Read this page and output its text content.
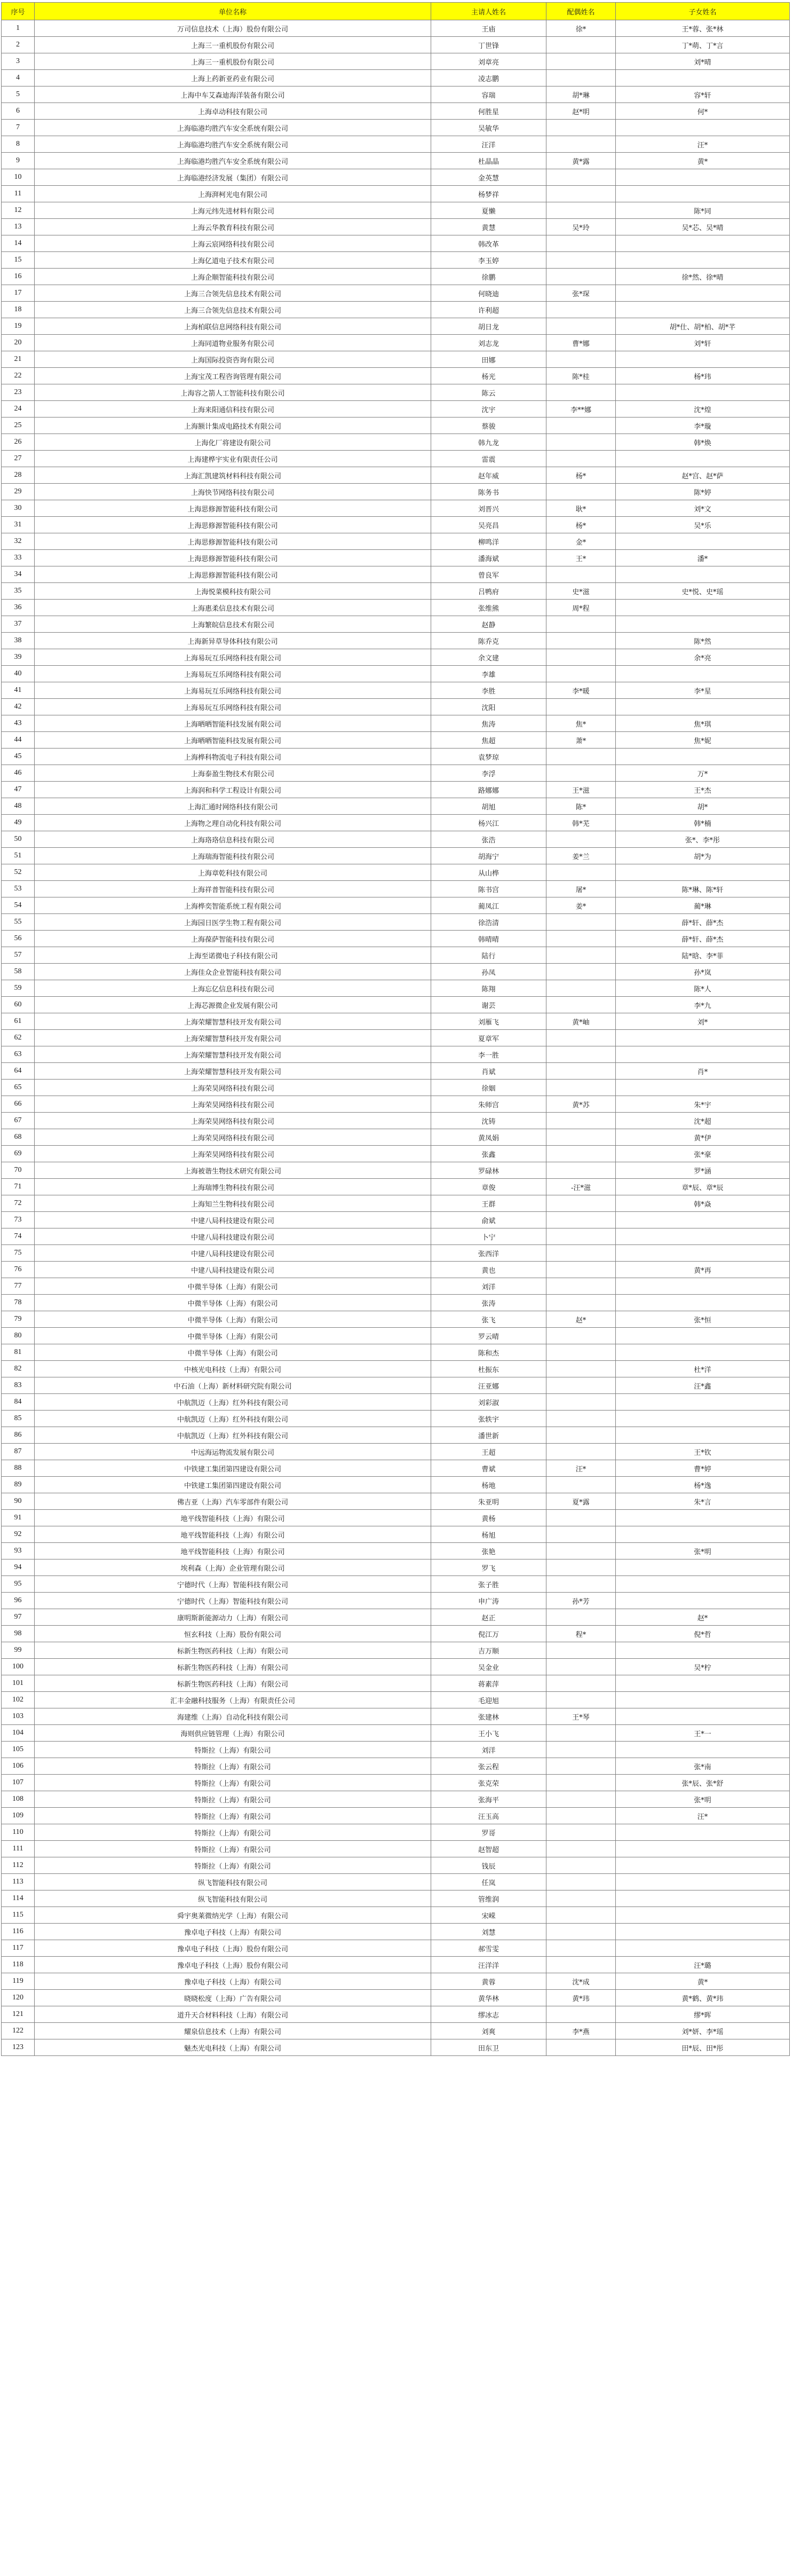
序号	单位名称	主请人姓名	配偶姓名	子女姓名
1	万司信息技术（上海）股份有限公司	王庙	徐*	王*蓉、张*林
2	上海三一重机股份有限公司	丁世锋		丁*萌、丁*言
3	上海三一重机股份有限公司	刘章亮		刘*晴
4	上海上药新亚药业有限公司	凌志鹏		
5	上海中车艾森迪海洋装备有限公司	容瑞	胡*琳	容*轩
6	上海卓动科技有限公司	何胜星	赵*明	何*
7	上海临港均胜汽车安全系统有限公司	吴敏华		
8	上海临港均胜汽车安全系统有限公司	汪洋		汪*
9	上海临港均胜汽车安全系统有限公司	杜晶晶	黄*露	黄*
10	上海临港经济发展（集团）有限公司	金英慧		
11	上海湃柯光电有限公司	杨梦祥		
12	上海元纬先进材料有限公司	夏懒		陈*同
13	上海云华教育科技有限公司	黄慧	吴*玲	吴*芯、吴*晴
14	上海云宸网络科技有限公司	韩改革		
15	上海亿道电子技术有限公司	李玉婷		
16	上海企顺智能科技有限公司	徐鹏		徐*然、徐*晴
17	上海三合领先信息技术有限公司	何晓迪	张*琛	
18	上海三合领先信息技术有限公司	许利超		
19	上海柏联信息网络科技有限公司	胡日龙		胡*仕、胡*柏、胡*芊
20	上海同道物业服务有限公司	刘志龙	曹*娜	刘*轩
21	上海国际投资咨询有限公司	田娜		
22	上海宝茂工程咨询管理有限公司	杨光	陈*桂	杨*玮
23	上海容之箭人工智能科技有限公司	陈云		
24	上海来阳通信科技有限公司	沈宇	李**娜	沈*煌
25	上海额计集成电路技术有限公司	蔡骏		李*璇
26	上海化厂将建设有限公司	韩九龙		韩*焕
27	上海建桦宇实业有限责任公司	雷震		
28	上海汇凯建筑材料科技有限公司	赵年威	杨*	赵*宫、赵*萨
29	上海快节网络科技有限公司	陈务书		陈*婷
30	上海思修源智能科技有限公司	刘晋兴	耿*	刘*文
31	上海思修源智能科技有限公司	吴亮昌	杨*	吴*乐
32	上海思修源智能科技有限公司	柳鸣洋	金*	
33	上海思修源智能科技有限公司	潘海斌	王*	潘*
34	上海思修源智能科技有限公司	曾良军		
35	上海悦菜模科技有限公司	吕鸭府	史*滋	史*悦、史*瑶
36	上海惠柔信息技术有限公司	张维熊	周*程	
37	上海繁皖信息技术有限公司	赵静		
38	上海新异草导体科技有限公司	陈乔克		陈*然
39	上海易玩互乐网络科技有限公司	余文建		余*亮
40	上海易玩互乐网络科技有限公司	李雄		
41	上海易玩互乐网络科技有限公司	李胜	李*暖	李*星
42	上海易玩互乐网络科技有限公司	沈阳		
43	上海晒晒智能科技发展有限公司	焦涛	焦*	焦*琪
44	上海晒晒智能科技发展有限公司	焦超	萧*	焦*妮
45	上海桦科物流电子科技有限公司	袁梦琼		
46	上海泰盈生物技术有限公司	李浮		万*
47	上海润和科学工程设计有限公司	路娜娜	王*滋	王*杰
48	上海汇通时网络科技有限公司	胡旭	陈*	胡*
49	上海物之理自动化科技有限公司	杨兴江	韩*芜	韩*楠
50	上海珞珞信息科技有限公司	张浩		张*、李*彤
51	上海瑞海智能科技有限公司	胡海宁	姜*兰	胡*为
52	上海章乾科技有限公司	从山桦		
53	上海祥普智能科技有限公司	陈书宫	屠*	陈*琳、陈*轩
54	上海桦奕智能系统工程有限公司	蔺凤江	姜*	蔺*琳
55	上海园日医学生物工程有限公司	徐浩清		薛*轩、薛*杰
56	上海葆萨智能科技有限公司	韩晴晴		薛*轩、薛*杰
57	上海至诺微电子科技有限公司	陆行		陆*晗、李*菲
58	上海佳众企业智能科技有限公司	孙凤		孙*岚
59	上海忘亿信息科技有限公司	陈翔		陈*人
60	上海芯源微企业发展有限公司	谢芸		李*九
61	上海荣耀智慧科技开发有限公司	刘雁飞	黄*岫	刘*
62	上海荣耀智慧科技开发有限公司	夏章军		
63	上海荣耀智慧科技开发有限公司	李一胜		
64	上海荣耀智慧科技开发有限公司	肖斌		肖*
65	上海荣昊网络科技有限公司	徐姻		
66	上海荣昊网络科技有限公司	朱师宫	黄*苏	朱*宇
67	上海荣昊网络科技有限公司	沈铸		沈*超
68	上海荣昊网络科技有限公司	黄凤娟		黄*伊
69	上海荣昊网络科技有限公司	张鑫		张*豪
70	上海被谐生物技术研究有限公司	罗碌林		罗*涵
71	上海瑞博生物科技有限公司	章俊	-汪*滋	章*辰、章*辰
72	上海知兰生物科技有限公司	王群		韩*焱
73	中建八局科技建设有限公司	俞斌		
74	中建八局科技建设有限公司	卜宁		
75	中建八局科技建设有限公司	张西洋		
76	中建八局科技建设有限公司	黄也		黄*再
77	中微半导体（上海）有限公司	刘洋		
78	中微半导体（上海）有限公司	张涛		
79	中微半导体（上海）有限公司	张飞	赵*	张*恒
80	中微半导体（上海）有限公司	罗云晴		
81	中微半导体（上海）有限公司	陈和杰		
82	中核光电科技（上海）有限公司	杜振东		杜*洋
83	中石油（上海）新材料研究院有限公司	汪亚娜		汪*鑫
84	中航凯迈（上海）红外科技有限公司	刘彩淑		
85	中航凯迈（上海）红外科技有限公司	张轶宇		
86	中航凯迈（上海）红外科技有限公司	潘世新		
87	中远海运物流发展有限公司	王超		王*钦
88	中铁建工集团第四建设有限公司	曹斌	汪*	曹*婷
89	中铁建工集团第四建设有限公司	杨地		杨*逸
90	佛吉亚（上海）汽车零部件有限公司	朱亚明	夏*露	朱*言
91	地平线智能科技（上海）有限公司	黄杨		
92	地平线智能科技（上海）有限公司	杨旭		
93	地平线智能科技（上海）有限公司	张艳		张*明
94	埃利森（上海）企业管理有限公司	罗飞		
95	宁德时代（上海）智能科技有限公司	张子胜		
96	宁德时代（上海）智能科技有限公司	申广涛	孙*芳	
97	康明斯新能源动力（上海）有限公司	赵正		赵*
98	恒玄科技（上海）股份有限公司	倪江万	程*	倪*哲
99	标新生物医药科技（上海）有限公司	吉万顺		
100	标新生物医药科技（上海）有限公司	吴金业		吴*柠
101	标新生物医药科技（上海）有限公司	蒋素萍		
102	汇丰金融科技服务（上海）有限责任公司	毛迎旭		
103	海建维（上海）自动化科技有限公司	张建林	王*琴	
104	海则供应链管理（上海）有限公司	王小飞		王*一
105	特斯拉（上海）有限公司	刘洋		
106	特斯拉（上海）有限公司	张云程		张*南
107	特斯拉（上海）有限公司	张克荣		张*辰、张*舒
108	特斯拉（上海）有限公司	张海平		张*明
109	特斯拉（上海）有限公司	汪玉高		汪*
110	特斯拉（上海）有限公司	罗哥		
111	特斯拉（上海）有限公司	赵智超		
112	特斯拉（上海）有限公司	钱辰		
113	纵飞智能科技有限公司	任岚		
114	纵飞智能科技有限公司	管维润		
115	舜宇奥莱微纳光学（上海）有限公司	宋嵘		
116	豫卓电子科技（上海）有限公司	刘慧		
117	豫卓电子科技（上海）股份有限公司	郝雪雯		
118	豫卓电子科技（上海）股份有限公司	汪洋洋		汪*璐
119	豫卓电子科技（上海）有限公司	黄蓉	沈*成	黄*
120	晓晓松度（上海）广告有限公司	黄华林	黄*玮	黄*鹤、黄*玮
121	道升天合材料科技（上海）有限公司	缪冰志		缪*晖
122	耀泉信息技术（上海）有限公司	刘爽	李*燕	刘*妍、李*瑶
123	魅杰光电科技（上海）有限公司	田东卫		田*辰、田*彤
